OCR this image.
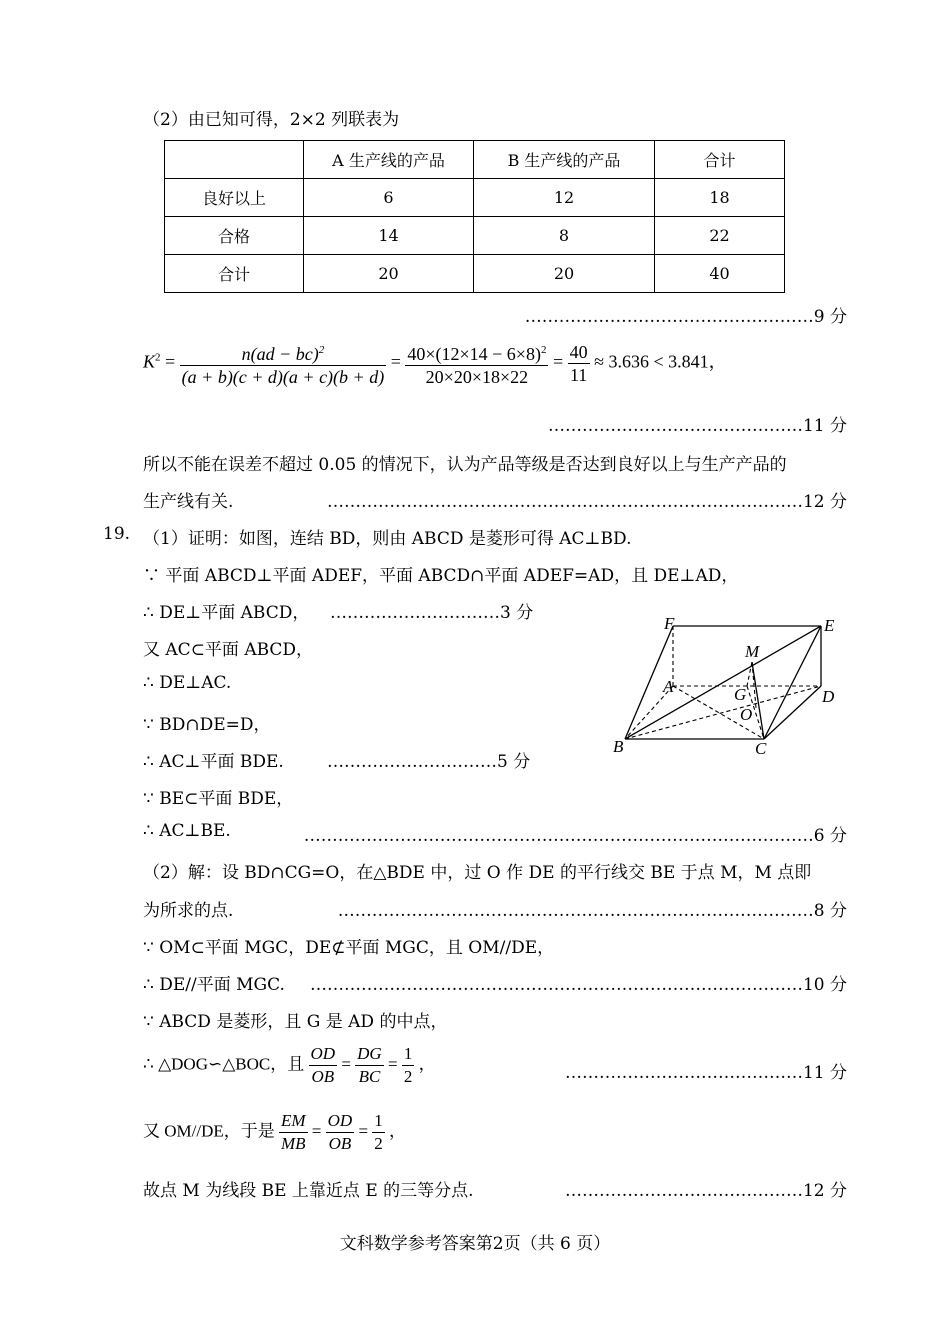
（2）由已知可得，2×2 列联表为
	A 生产线的产品	B 生产线的产品	合计
良好以上	6	12	18
合格	14	8	22
合计	20	20	40
……………………………………………9 分
$K^2 = \frac{n(ad - bc)^2}{(a + b)(c + d)(a + c)(b + d)} = \frac{40\times(12\times 14 - 6\times 8)^2}{20\times 20\times 18\times 22} = \frac{40}{11} \approx 3.636 < 3.841$，
………………………………………11 分
所以不能在误差不超过 0.05 的情况下，认为产品等级是否达到良好以上与生产产品的
生产线有关.	…………………………………………………………………………12 分
19. （1）证明：如图，连结 BD，则由 ABCD 是菱形可得 AC⊥BD.
∵ 平面 ABCD⊥平面 ADEF，平面 ABCD∩平面 ADEF=AD，且 DE⊥AD，
∴ DE⊥平面 ABCD， …………………………3 分
又 AC⊂平面 ABCD，
∴ DE⊥AC.
∵ BD∩DE=D，
∴ AC⊥平面 BDE.	…………………………5 分
∵ BE⊂平面 BDE，
∴ AC⊥BE.	………………………………………………………………………………6 分
（2）解：设 BD∩CG=O，在△BDE 中，过 O 作 DE 的平行线交 BE 于点 M，M 点即
为所求的点.	…………………………………………………………………………8 分
∵ OM⊂平面 MGC，DE⊄平面 MGC，且 OM//DE，
∴ DE//平面 MGC. ……………………………………………………………………………10 分
∵ ABCD 是菱形，且 G 是 AD 的中点，
∴ △DOG∽△BOC，且 $\frac{OD}{OB} = \frac{DG}{BC} = \frac{1}{2}$ ，	……………………………………11 分
又 OM//DE，于是 $\frac{EM}{MB} = \frac{OD}{OB} = \frac{1}{2}$ ，
故点 M 为线段 BE 上靠近点 E 的三等分点.	……………………………………12 分
F	E
M
A	G
O
D
B	C
文科数学参考答案第2页（共 6 页）
